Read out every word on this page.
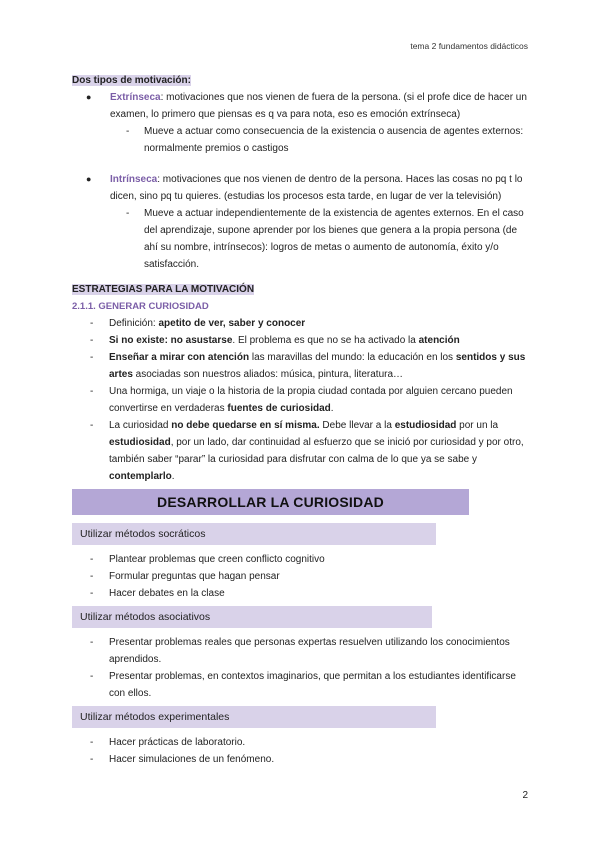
tema 2 fundamentos didácticos

Dos tipos de motivación:

● Extrínseca: motivaciones que nos vienen de fuera de la persona. (si el profe dice de hacer un examen, lo primero que piensas es q va para nota, eso es emoción extrínseca)

- Mueve a actuar como consecuencia de la existencia o ausencia de agentes externos: normalmente premios o castigos

● Intrínseca: motivaciones que nos vienen de dentro de la persona. Haces las cosas no pq t lo dicen, sino pq tu quieres. (estudias los procesos esta tarde, en lugar de ver la televisión)

- Mueve a actuar independientemente de la existencia de agentes externos. En el caso del aprendizaje, supone aprender por los bienes que genera a la propia persona (de ahí su nombre, intrínsecos): logros de metas o aumento de autonomía, éxito y/o satisfacción.

ESTRATEGIAS PARA LA MOTIVACIÓN

2.1.1. GENERAR CURIOSIDAD

- Definición: apetito de ver, saber y conocer

- Si no existe: no asustarse. El problema es que no se ha activado la atención

- Enseñar a mirar con atención las maravillas del mundo: la educación en los sentidos y sus artes asociadas son nuestros aliados: música, pintura, literatura…

- Una hormiga, un viaje o la historia de la propia ciudad contada por alguien cercano pueden convertirse en verdaderas fuentes de curiosidad.

- La curiosidad no debe quedarse en sí misma. Debe llevar a la estudiosidad por un la estudiosidad, por un lado, dar continuidad al esfuerzo que se inició por curiosidad y por otro, también saber “parar” la curiosidad para disfrutar con calma de lo que ya se sabe y contemplarlo.

DESARROLLAR LA CURIOSIDAD
Utilizar métodos socráticos

- Plantear problemas que creen conflicto cognitivo

- Formular preguntas que hagan pensar

- Hacer debates en la clase

Utilizar métodos asociativos

- Presentar problemas reales que personas expertas resuelven utilizando los conocimientos aprendidos.

- Presentar problemas, en contextos imaginarios, que permitan a los estudiantes identificarse con ellos.

Utilizar métodos experimentales

- Hacer prácticas de laboratorio.

- Hacer simulaciones de un fenómeno.

2
